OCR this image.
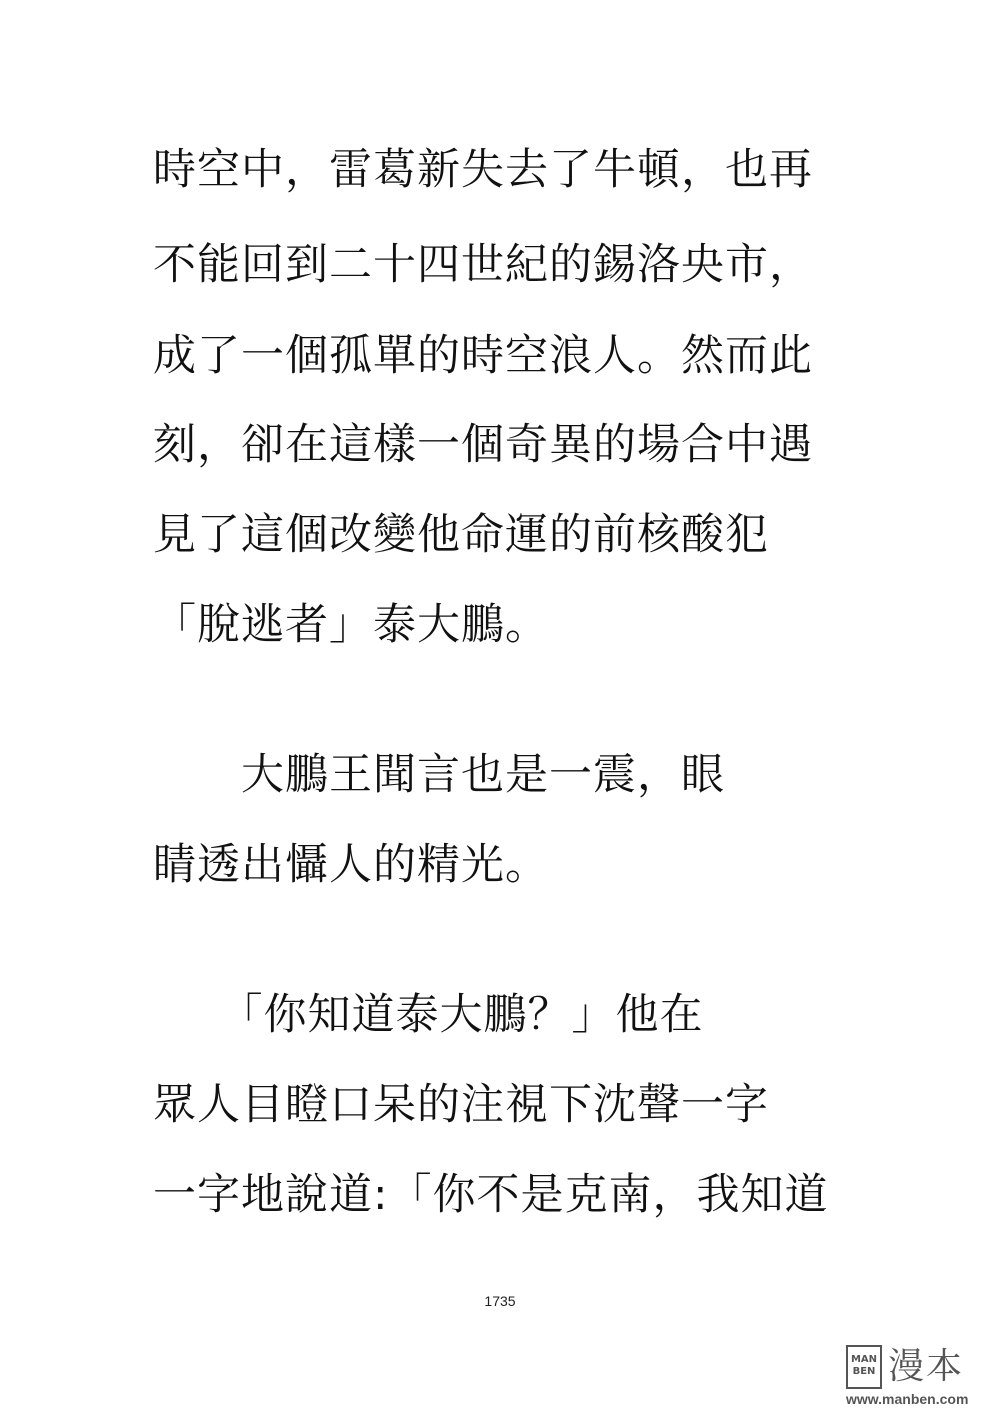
時空中，雷葛新失去了牛頓，也再
不能回到二十四世紀的錫洛央市，
成了一個孤單的時空浪人。然而此
刻，卻在這樣一個奇異的場合中遇
見了這個改變他命運的前核酸犯
「脫逃者」泰大鵬。
　　大鵬王聞言也是一震，眼
睛透出懾人的精光。
　　「你知道泰大鵬？」他在
眾人目瞪口呆的注視下沈聲一字
一字地說道:「你不是克南，我知道
1735
MAN
BEN 漫本
www.manben.com
